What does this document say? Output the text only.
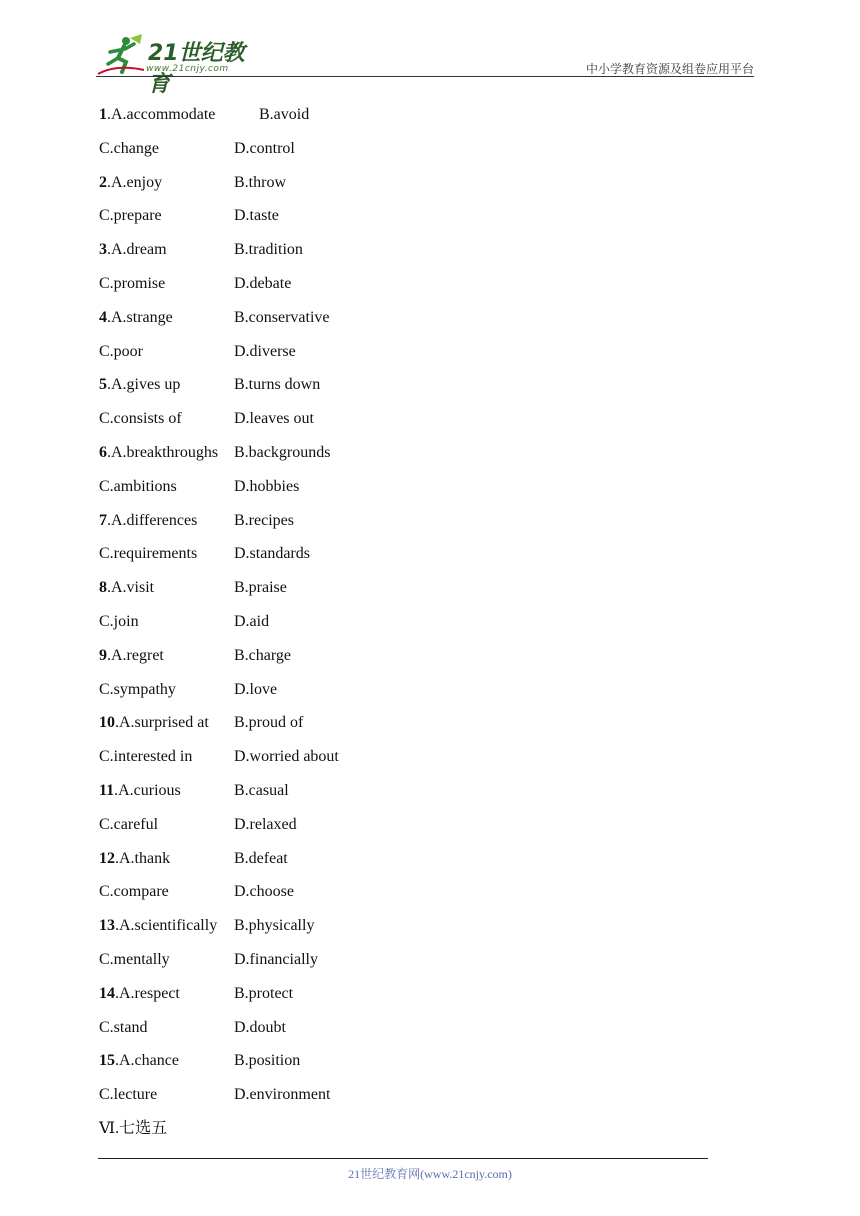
21世纪教育
www.21cnjy.com	中小学教育资源及组卷应用平台
1.A.accommodate	B.avoid
C.change	D.control
2.A.enjoy	B.throw
C.prepare	D.taste
3.A.dream	B.tradition
C.promise	D.debate
4.A.strange	B.conservative
C.poor	D.diverse
5.A.gives up	B.turns down
C.consists of	D.leaves out
6.A.breakthroughs B.backgrounds
C.ambitions	D.hobbies
7.A.differences B.recipes
C.requirements D.standards
8.A.visit	B.praise
C.join	D.aid
9.A.regret	B.charge
C.sympathy	D.love
10.A.surprised at B.proud of
C.interested in	D.worried about
11.A.curious	B.casual
C.careful	D.relaxed
12.A.thank	B.defeat
C.compare	D.choose
13.A.scientifically B.physically
C.mentally	D.financially
14.A.respect	B.protect
C.stand	D.doubt
15.A.chance	B.position
C.lecture	D.environment
Ⅵ.七选五
21世纪教育网(www.21cnjy.com)
